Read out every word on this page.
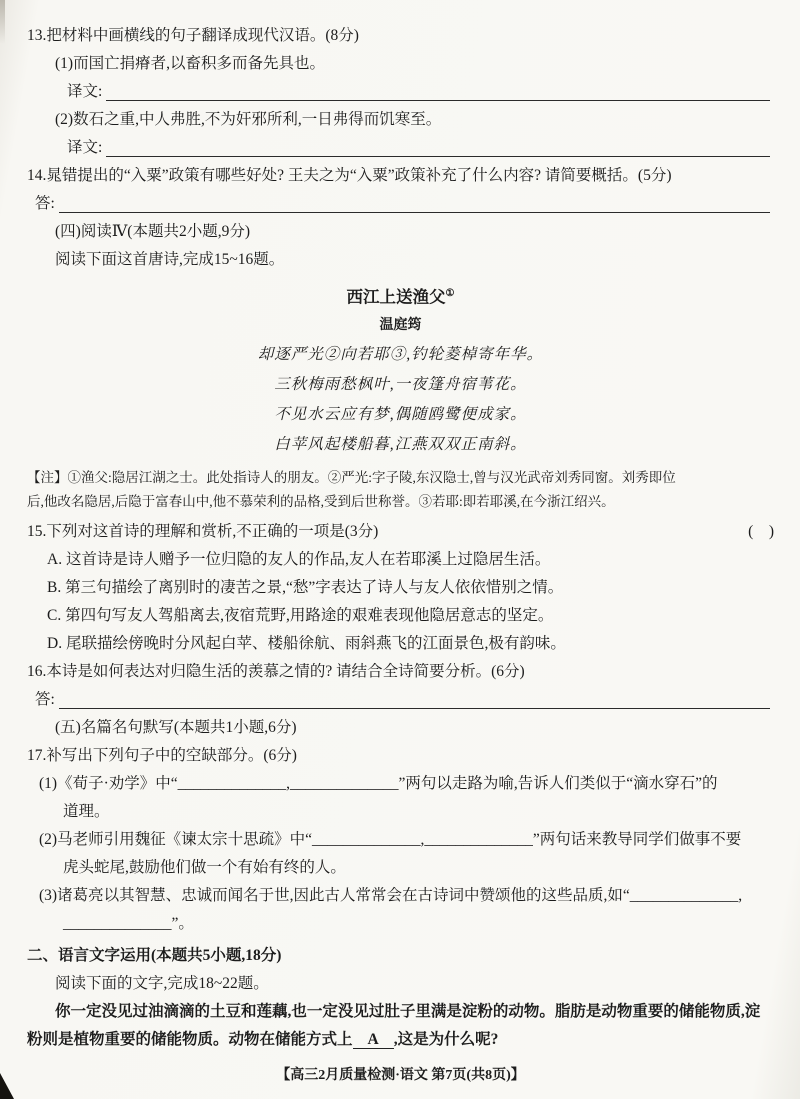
13.把材料中画横线的句子翻译成现代汉语。(8分)
(1)而国亡捐瘠者,以畜积多而备先具也。
译文:
(2)数石之重,中人弗胜,不为奸邪所利,一日弗得而饥寒至。
译文:
14.晁错提出的“入粟”政策有哪些好处? 王夫之为“入粟”政策补充了什么内容? 请简要概括。(5分)
答:
(四)阅读Ⅳ(本题共2小题,9分)
阅读下面这首唐诗,完成15~16题。
西江上送渔父①
温庭筠
却逐严光②向若耶③,钓轮菱棹寄年华。
三秋梅雨愁枫叶,一夜篷舟宿苇花。
不见水云应有梦,偶随鸥鹭便成家。
白苹风起楼船暮,江燕双双正南斜。
【注】①渔父:隐居江湖之士。此处指诗人的朋友。②严光:字子陵,东汉隐士,曾与汉光武帝刘秀同窗。刘秀即位
后,他改名隐居,后隐于富春山中,他不慕荣利的品格,受到后世称誉。③若耶:即若耶溪,在今浙江绍兴。
15.下列对这首诗的理解和赏析,不正确的一项是(3分)	(　)
A. 这首诗是诗人赠予一位归隐的友人的作品,友人在若耶溪上过隐居生活。
B. 第三句描绘了离别时的凄苦之景,“愁”字表达了诗人与友人依依惜别之情。
C. 第四句写友人驾船离去,夜宿荒野,用路途的艰难表现他隐居意志的坚定。
D. 尾联描绘傍晚时分风起白苹、楼船徐航、雨斜燕飞的江面景色,极有韵味。
16.本诗是如何表达对归隐生活的羡慕之情的? 请结合全诗简要分析。(6分)
答:
(五)名篇名句默写(本题共1小题,6分)
17.补写出下列句子中的空缺部分。(6分)
(1)《荀子·劝学》中“______________,______________”两句以走路为喻,告诉人们类似于“滴水穿石”的
道理。
(2)马老师引用魏征《谏太宗十思疏》中“______________,______________”两句话来教导同学们做事不要
虎头蛇尾,鼓励他们做一个有始有终的人。
(3)诸葛亮以其智慧、忠诚而闻名于世,因此古人常常会在古诗词中赞颂他的这些品质,如“______________,
______________”。
二、语言文字运用(本题共5小题,18分)
阅读下面的文字,完成18~22题。
你一定没见过油滴滴的土豆和莲藕,也一定没见过肚子里满是淀粉的动物。脂肪是动物重要的储能物质,淀
粉则是植物重要的储能物质。动物在储能方式上 A ,这是为什么呢?
【高三2月质量检测·语文 第7页(共8页)】
